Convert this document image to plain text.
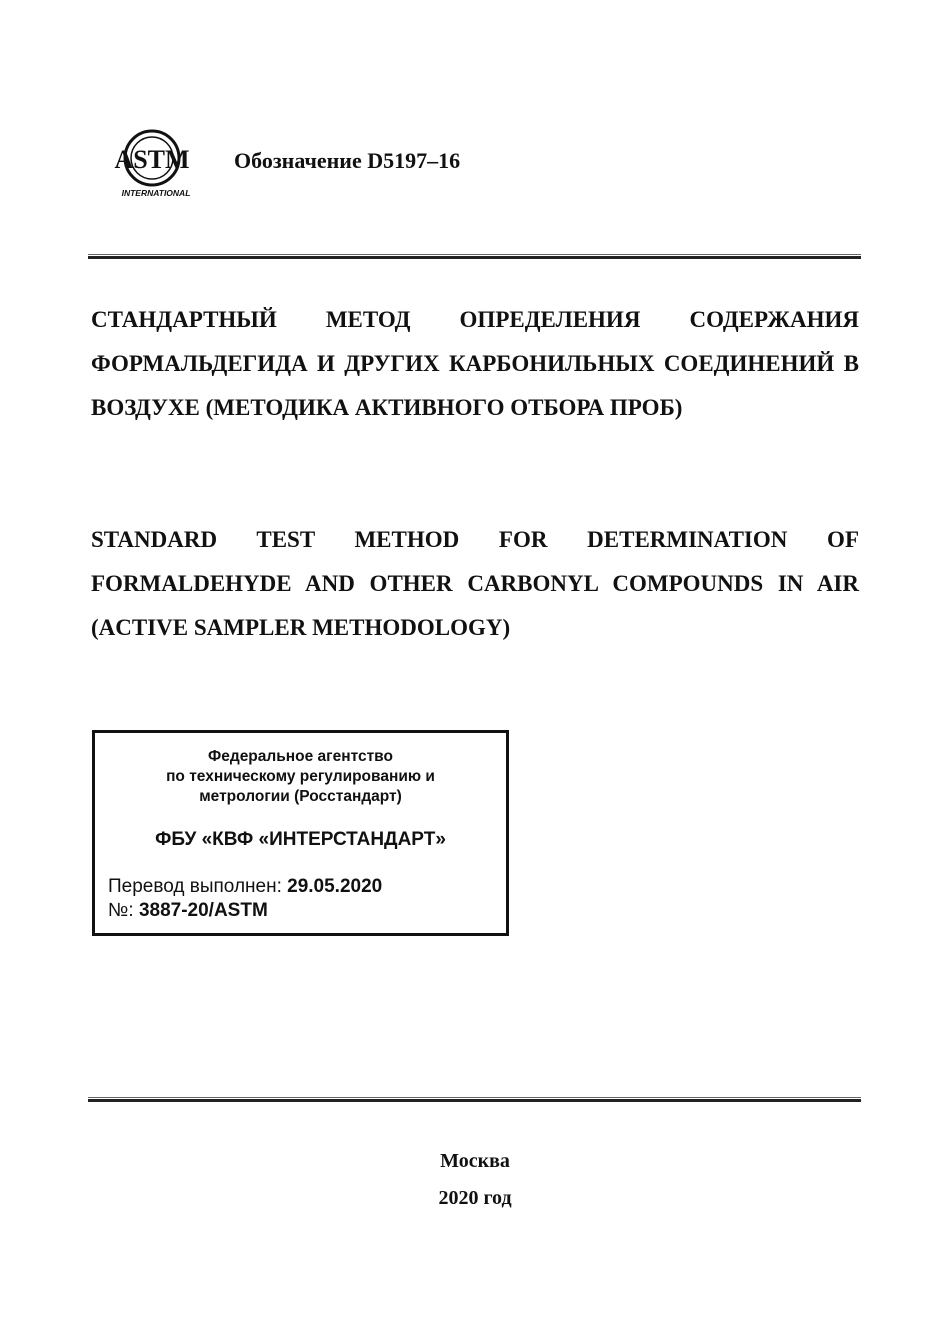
ASTM
INTERNATIONAL
Обозначение D5197–16

СТАНДАРТНЫЙ МЕТОД ОПРЕДЕЛЕНИЯ СОДЕРЖАНИЯ ФОРМАЛЬДЕГИДА И ДРУГИХ КАРБОНИЛЬНЫХ СОЕДИНЕНИЙ В ВОЗДУХЕ (МЕТОДИКА АКТИВНОГО ОТБОРА ПРОБ)

STANDARD TEST METHOD FOR DETERMINATION OF FORMALDEHYDE AND OTHER CARBONYL COMPOUNDS IN AIR (ACTIVE SAMPLER METHODOLOGY)

Федеральное агентство
по техническому регулированию и
метрологии (Росстандарт)
ФБУ «КВФ «ИНТЕРСТАНДАРТ»
Перевод выполнен: 29.05.2020
№: 3887-20/ASTM
Москва
2020 год
